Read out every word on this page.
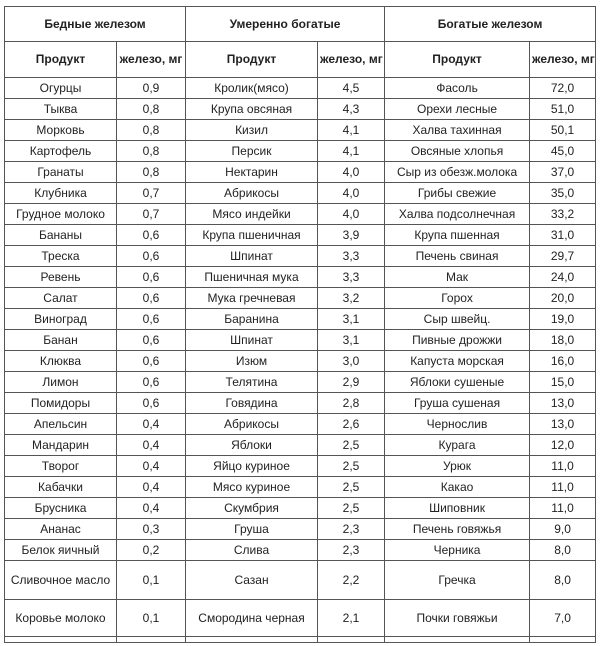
Бедные железом		Умеренно богатые		Богатые железом	
Продукт	железо, мг	Продукт	железо, мг	Продукт	железо, мг
Огурцы	0,9	Кролик(мясо)	4,5	Фасоль	72,0
Тыква	0,8	Крупа овсяная	4,3	Орехи лесные	51,0
Морковь	0,8	Кизил	4,1	Халва тахинная	50,1
Картофель	0,8	Персик	4,1	Овсяные хлопья	45,0
Гранаты	0,8	Нектарин	4,0	Сыр из обезж.молока	37,0
Клубника	0,7	Абрикосы	4,0	Грибы свежие	35,0
Грудное молоко	0,7	Мясо индейки	4,0	Халва подсолнечная	33,2
Бананы	0,6	Крупа пшеничная	3,9	Крупа пшенная	31,0
Треска	0,6	Шпинат	3,3	Печень свиная	29,7
Ревень	0,6	Пшеничная мука	3,3	Мак	24,0
Салат	0,6	Мука гречневая	3,2	Горох	20,0
Виноград	0,6	Баранина	3,1	Сыр швейц.	19,0
Банан	0,6	Шпинат	3,1	Пивные дрожжи	18,0
Клюква	0,6	Изюм	3,0	Капуста морская	16,0
Лимон	0,6	Телятина	2,9	Яблоки сушеные	15,0
Помидоры	0,6	Говядина	2,8	Груша сушеная	13,0
Апельсин	0,4	Абрикосы	2,6	Чернослив	13,0
Мандарин	0,4	Яблоки	2,5	Курага	12,0
Творог	0,4	Яйцо куриное	2,5	Урюк	11,0
Кабачки	0,4	Мясо куриное	2,5	Какао	11,0
Брусника	0,4	Скумбрия	2,5	Шиповник	11,0
Ананас	0,3	Груша	2,3	Печень говяжья	9,0
Белок яичный	0,2	Слива	2,3	Черника	8,0
Сливочное масло	0,1	Сазан	2,2	Гречка	8,0
Коровье молоко	0,1	Смородина черная	2,1	Почки говяжьи	7,0
